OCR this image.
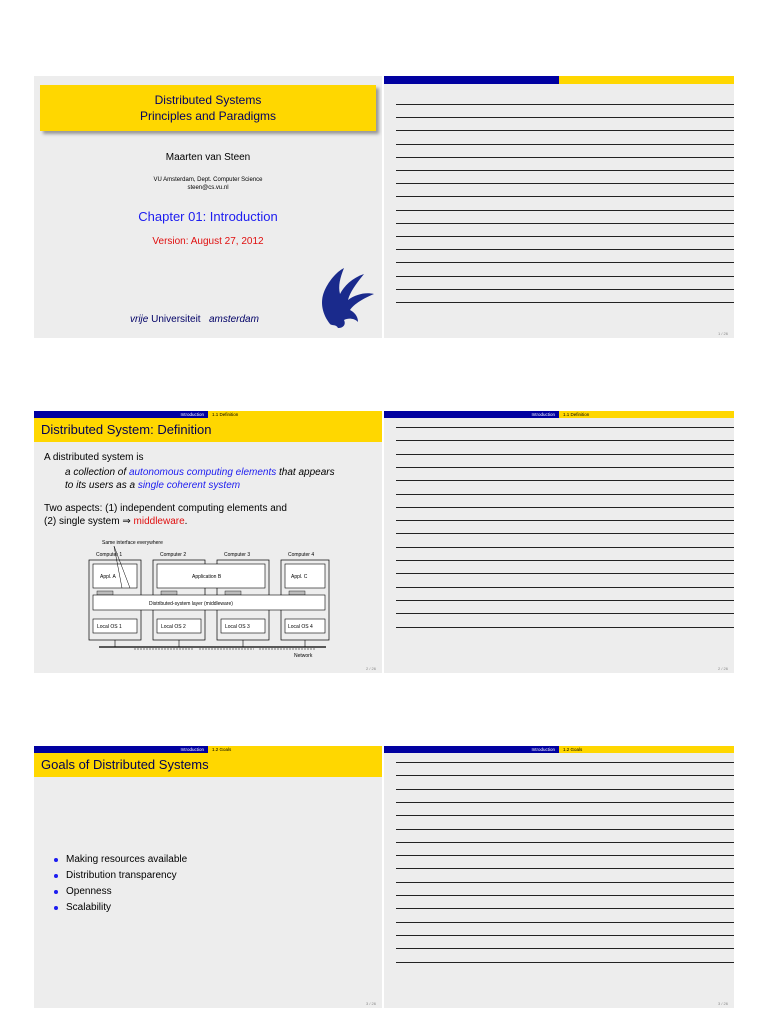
Distributed Systems
Principles and Paradigms
Maarten van Steen
VU Amsterdam, Dept. Computer Science
steen@cs.vu.nl
Chapter 01: Introduction
Version: August 27, 2012
vrije Universiteit amsterdam
1 / 26
Introduction	1.1 Definition
Distributed System: Definition
A distributed system is
a collection of autonomous computing elements that appears
to its users as a single coherent system
Two aspects: (1) independent computing elements and
(2) single system ⇒ middleware.
Same interface everywhere
Computer 1	Computer 2	Computer 3	Computer 4
Appl. A	Application B	Appl. C
Distributed-system layer (middleware)
Local OS 1	Local OS 2	Local OS 3	Local OS 4
Network
2 / 26
Introduction	1.1 Definition
2 / 26
Introduction	1.2 Goals
Goals of Distributed Systems
Making resources available
Distribution transparency
Openness
Scalability
3 / 26
Introduction	1.2 Goals
3 / 26
